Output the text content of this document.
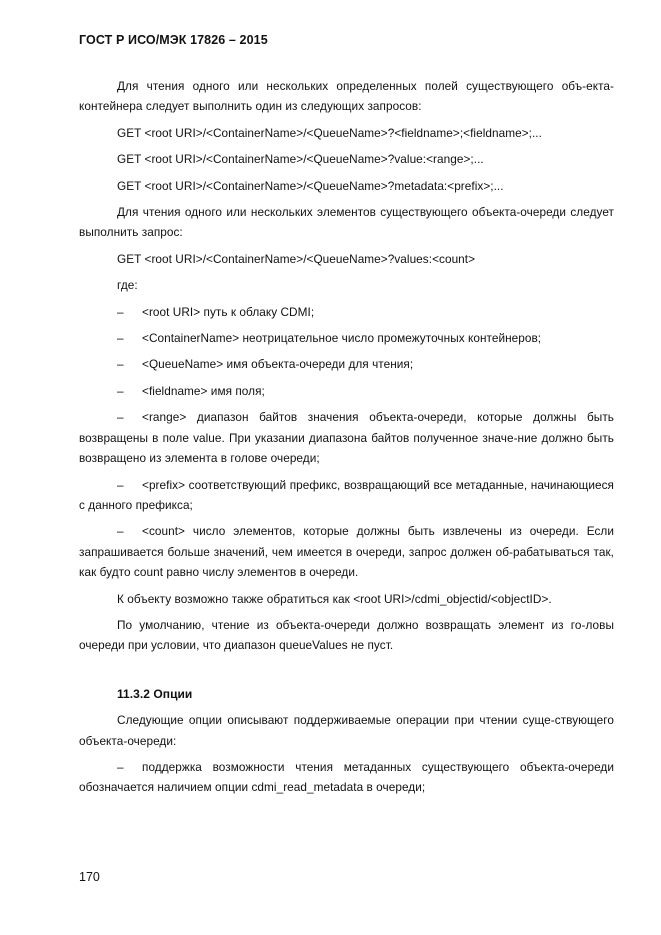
ГОСТ Р ИСО/МЭК 17826 – 2015

Для чтения одного или нескольких определенных полей существующего объ-екта-контейнера следует выполнить один из следующих запросов:

GET <root URI>/<ContainerName>/<QueueName>?<fieldname>;<fieldname>;...

GET <root URI>/<ContainerName>/<QueueName>?value:<range>;...

GET <root URI>/<ContainerName>/<QueueName>?metadata:<prefix>;...

Для чтения одного или нескольких элементов существующего объекта-очереди следует выполнить запрос:

GET <root URI>/<ContainerName>/<QueueName>?values:<count>

где:

– <root URI> путь к облаку CDMI;
– <ContainerName> неотрицательное число промежуточных контейнеров;
– <QueueName> имя объекта-очереди для чтения;
– <fieldname> имя поля;
– <range> диапазон байтов значения объекта-очереди, которые должны быть возвращены в поле value. При указании диапазона байтов полученное значе-ние должно быть возвращено из элемента в голове очереди;
– <prefix> соответствующий префикс, возвращающий все метаданные, начинающиеся с данного префикса;
– <count> число элементов, которые должны быть извлечены из очереди. Если запрашивается больше значений, чем имеется в очереди, запрос должен об-рабатываться так, как будто count равно числу элементов в очереди.

К объекту возможно также обратиться как <root URI>/cdmi_objectid/<objectID>.

По умолчанию, чтение из объекта-очереди должно возвращать элемент из го-ловы очереди при условии, что диапазон queueValues не пуст.

11.3.2 Опции

Следующие опции описывают поддерживаемые операции при чтении суще-ствующего объекта-очереди:

– поддержка возможности чтения метаданных существующего объекта-очереди обозначается наличием опции cdmi_read_metadata в очереди;
170
